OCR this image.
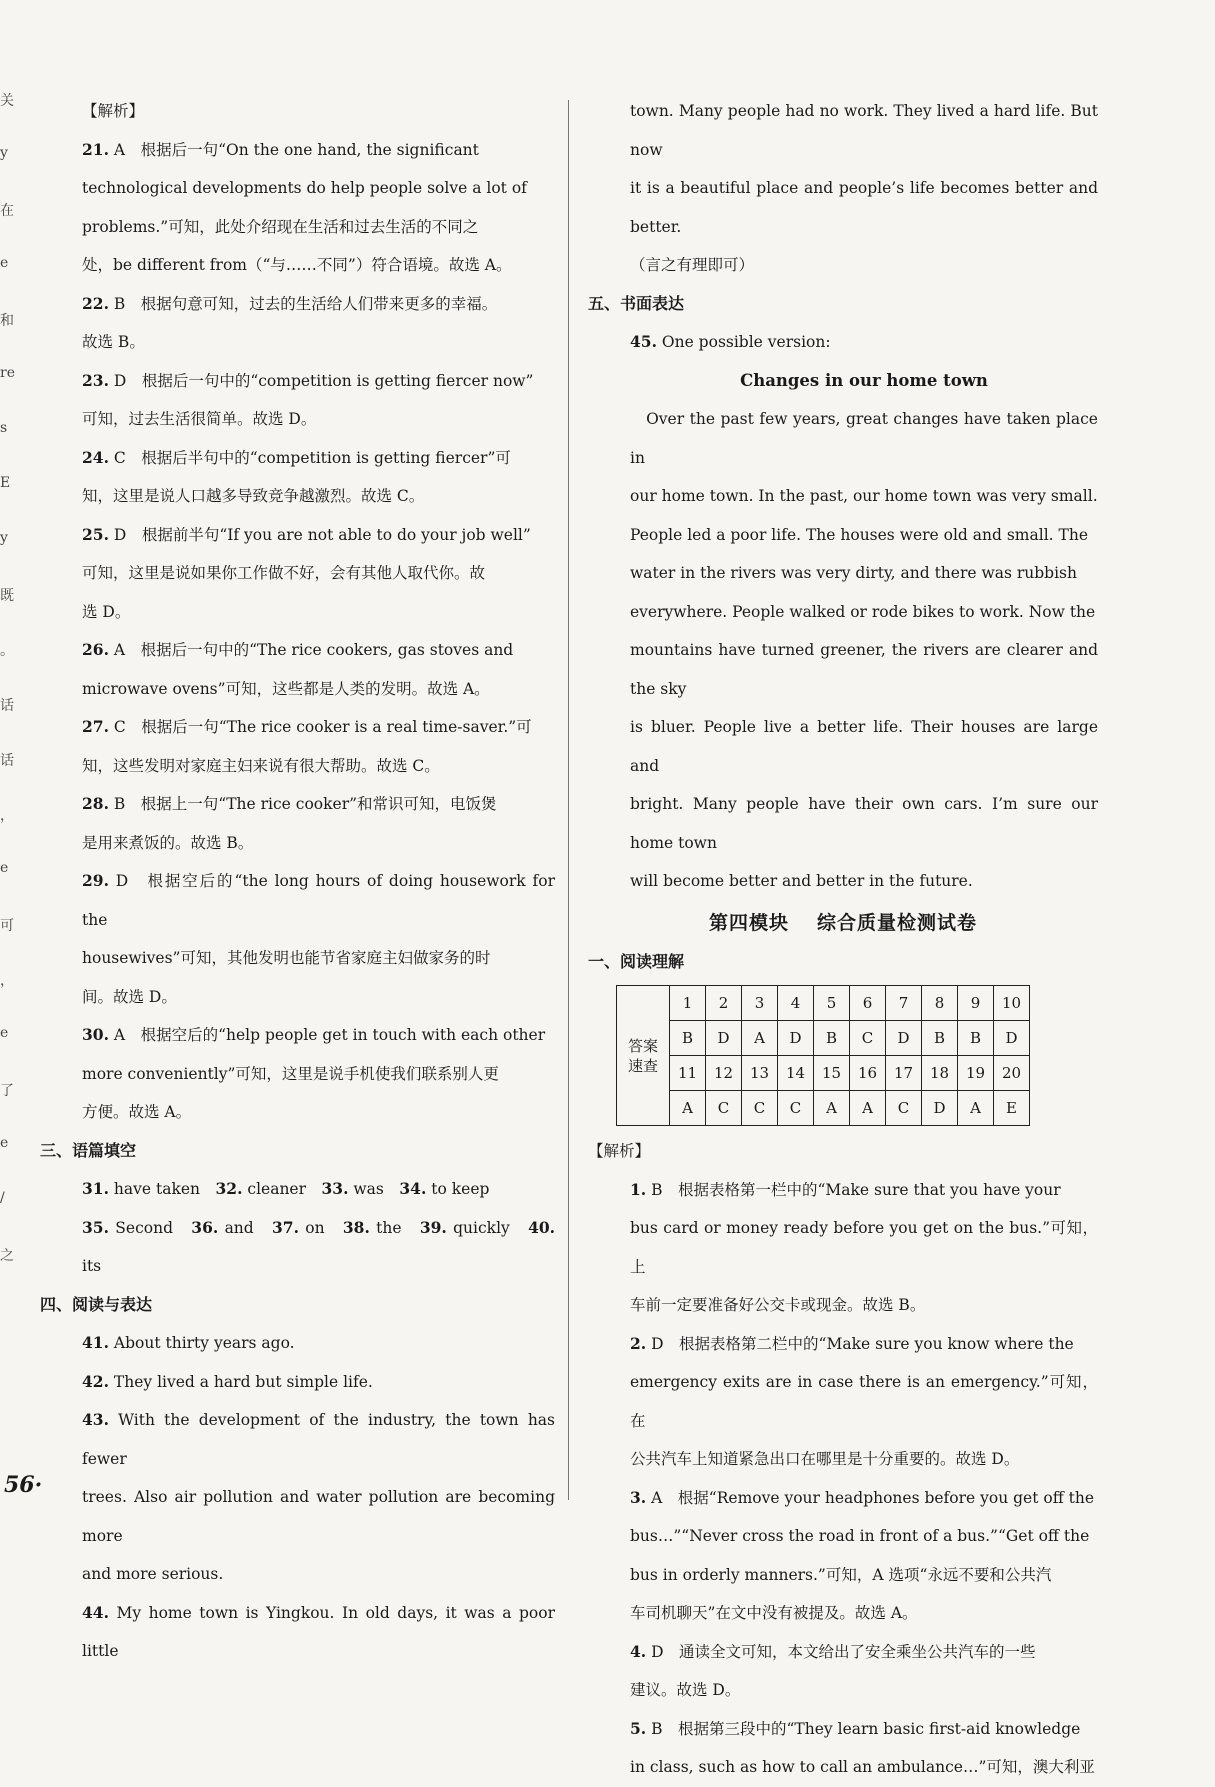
关
y
在
e
和
re
s
E
y
既
。
话
话
，
e
可
，
e
了
e
/
之

【解析】

21. A　根据后一句“On the one hand, the significant

technological developments do help people solve a lot of

problems.”可知，此处介绍现在生活和过去生活的不同之

处，be different from（“与……不同”）符合语境。故选 A。

22. B　根据句意可知，过去的生活给人们带来更多的幸福。

故选 B。

23. D　根据后一句中的“competition is getting fiercer now”

可知，过去生活很简单。故选 D。

24. C　根据后半句中的“competition is getting fiercer”可

知，这里是说人口越多导致竞争越激烈。故选 C。

25. D　根据前半句“If you are not able to do your job well”

可知，这里是说如果你工作做不好，会有其他人取代你。故

选 D。

26. A　根据后一句中的“The rice cookers, gas stoves and

microwave ovens”可知，这些都是人类的发明。故选 A。

27. C　根据后一句“The rice cooker is a real time-saver.”可

知，这些发明对家庭主妇来说有很大帮助。故选 C。

28. B　根据上一句“The rice cooker”和常识可知，电饭煲

是用来煮饭的。故选 B。

29. D　根据空后的“the long hours of doing housework for the

housewives”可知，其他发明也能节省家庭主妇做家务的时

间。故选 D。

30. A　根据空后的“help people get in touch with each other

more conveniently”可知，这里是说手机使我们联系别人更

方便。故选 A。

三、语篇填空

31. have taken　32. cleaner　33. was　34. to keep

35. Second　36. and　37. on　38. the　39. quickly　40. its

四、阅读与表达

41. About thirty years ago.

42. They lived a hard but simple life.

43. With the development of the industry, the town has fewer

trees. Also air pollution and water pollution are becoming more

and more serious.

44. My home town is Yingkou. In old days, it was a poor little

town. Many people had no work. They lived a hard life. But now

it is a beautiful place and people’s life becomes better and better.

（言之有理即可）

五、书面表达

45. One possible version:

Changes in our home town

　Over the past few years, great changes have taken place in

our home town. In the past, our home town was very small.

People led a poor life. The houses were old and small. The

water in the rivers was very dirty, and there was rubbish

everywhere. People walked or rode bikes to work. Now the

mountains have turned greener, the rivers are clearer and the sky

is bluer. People live a better life. Their houses are large and

bright. Many people have their own cars. I’m sure our home town

will become better and better in the future.

第四模块 综合质量检测试卷

一、阅读理解

答案
速查	1	2	3	4	5	6	7	8	9	10
	B	D	A	D	B	C	D	B	B	D
	11	12	13	14	15	16	17	18	19	20
	A	C	C	C	A	A	C	D	A	E

【解析】

1. B　根据表格第一栏中的“Make sure that you have your

bus card or money ready before you get on the bus.”可知，上

车前一定要准备好公交卡或现金。故选 B。

2. D　根据表格第二栏中的“Make sure you know where the

emergency exits are in case there is an emergency.”可知，在

公共汽车上知道紧急出口在哪里是十分重要的。故选 D。

3. A　根据“Remove your headphones before you get off the

bus…”“Never cross the road in front of a bus.”“Get off the

bus in orderly manners.”可知，A 选项“永远不要和公共汽

车司机聊天”在文中没有被提及。故选 A。

4. D　通读全文可知，本文给出了安全乘坐公共汽车的一些

建议。故选 D。

5. B　根据第三段中的“They learn basic first-aid knowledge

in class, such as how to call an ambulance…”可知，澳大利亚

56·
